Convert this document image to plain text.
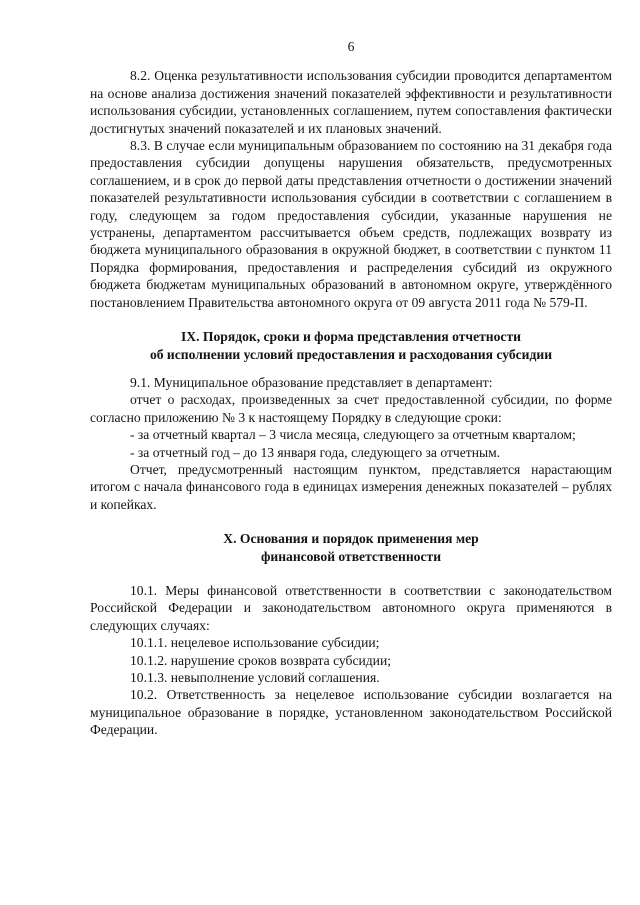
6

8.2. Оценка результативности использования субсидии проводится департаментом на основе анализа достижения значений показателей эффективности и результативности использования субсидии, установленных соглашением, путем сопоставления фактически достигнутых значений показателей и их плановых значений.

8.3. В случае если муниципальным образованием по состоянию на 31 декабря года предоставления субсидии допущены нарушения обязательств, предусмотренных соглашением, и в срок до первой даты представления отчетности о достижении значений показателей результативности использования субсидии в соответствии с соглашением в году, следующем за годом предоставления субсидии, указанные нарушения не устранены, департаментом рассчитывается объем средств, подлежащих возврату из бюджета муниципального образования в окружной бюджет, в соответствии с пунктом 11 Порядка формирования, предоставления и распределения субсидий из окружного бюджета бюджетам муниципальных образований в автономном округе, утверждённого постановлением Правительства автономного округа от 09 августа 2011 года № 579-П.

IX. Порядок, сроки и форма представления отчетности
об исполнении условий предоставления и расходования субсидии

9.1. Муниципальное образование представляет в департамент:

отчет о расходах, произведенных за счет предоставленной субсидии, по форме согласно приложению № 3 к настоящему Порядку в следующие сроки:

- за отчетный квартал – 3 числа месяца, следующего за отчетным кварталом;

- за отчетный год – до 13 января года, следующего за отчетным.

Отчет, предусмотренный настоящим пунктом, представляется нарастающим итогом с начала финансового года в единицах измерения денежных показателей – рублях и копейках.

X. Основания и порядок применения мер
финансовой ответственности

10.1. Меры финансовой ответственности в соответствии с законодательством Российской Федерации и законодательством автономного округа применяются в следующих случаях:

10.1.1. нецелевое использование субсидии;

10.1.2. нарушение сроков возврата субсидии;

10.1.3. невыполнение условий соглашения.

10.2. Ответственность за нецелевое использование субсидии возлагается на муниципальное образование в порядке, установленном законодательством Российской Федерации.
